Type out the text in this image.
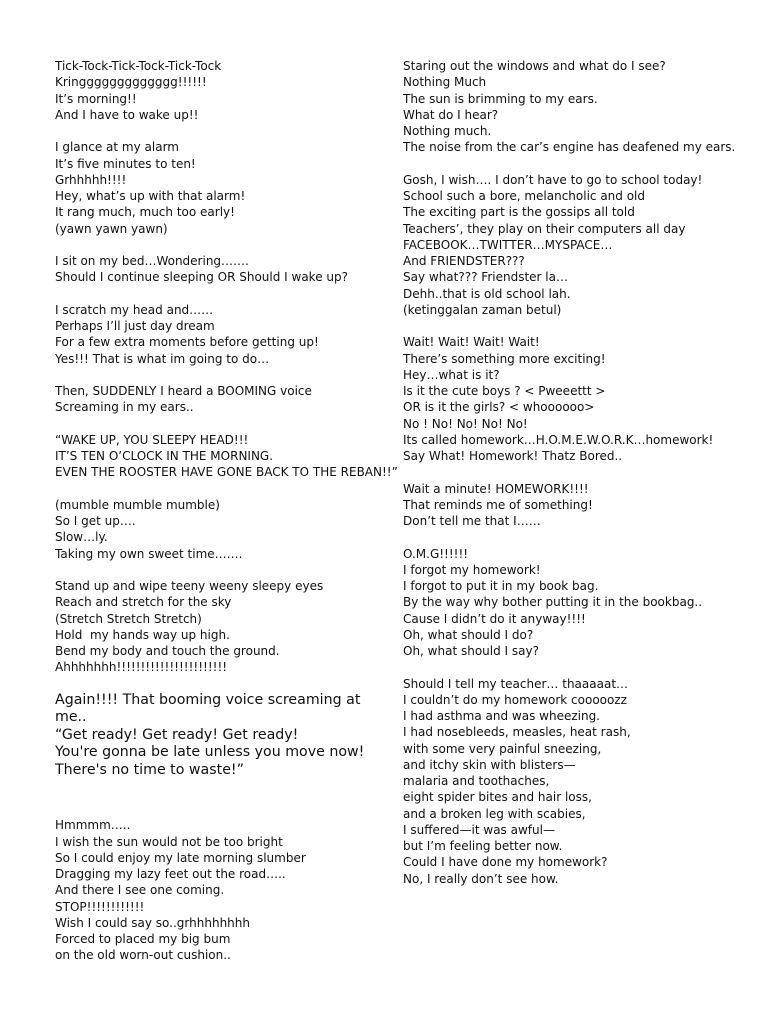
Tick-Tock-Tick-Tock-Tick-Tock
Kringgggggggggggg!!!!!!
It’s morning!!
And I have to wake up!!
I glance at my alarm
It’s five minutes to ten!
Grhhhhh!!!!
Hey, what’s up with that alarm!
It rang much, much too early!
(yawn yawn yawn)
I sit on my bed…Wondering…….
Should I continue sleeping OR Should I wake up?
I scratch my head and……
Perhaps I’ll just day dream
For a few extra moments before getting up!
Yes!!! That is what im going to do…
Then, SUDDENLY I heard a BOOMING voice
Screaming in my ears..
“WAKE UP, YOU SLEEPY HEAD!!!
IT’S TEN O’CLOCK IN THE MORNING.
EVEN THE ROOSTER HAVE GONE BACK TO THE REBAN!!”
(mumble mumble mumble)
So I get up….
Slow…ly.
Taking my own sweet time…….
Stand up and wipe teeny weeny sleepy eyes
Reach and stretch for the sky
(Stretch Stretch Stretch)
Hold  my hands way up high.
Bend my body and touch the ground.
Ahhhhhhh!!!!!!!!!!!!!!!!!!!!!!!
Again!!!! That booming voice screaming at me..
“Get ready! Get ready! Get ready!
You're gonna be late unless you move now!
There's no time to waste!”
Hmmmm…..
I wish the sun would not be too bright
So I could enjoy my late morning slumber
Dragging my lazy feet out the road…..
And there I see one coming.
STOP!!!!!!!!!!!!
Wish I could say so..grhhhhhhhh
Forced to placed my big bum
on the old worn-out cushion..
Staring out the windows and what do I see?
Nothing Much
The sun is brimming to my ears.
What do I hear?
Nothing much.
The noise from the car’s engine has deafened my ears.
Gosh, I wish…. I don’t have to go to school today!
School such a bore, melancholic and old
The exciting part is the gossips all told
Teachers’, they play on their computers all day
FACEBOOK…TWITTER…MYSPACE…
And FRIENDSTER???
Say what??? Friendster la…
Dehh..that is old school lah.
(ketinggalan zaman betul)
Wait! Wait! Wait! Wait!
There’s something more exciting!
Hey…what is it?
Is it the cute boys ? < Pweeettt >
OR is it the girls? < whoooooo>
No ! No! No! No! No!
Its called homework…H.O.M.E.W.O.R.K…homework!
Say What! Homework! Thatz Bored..
Wait a minute! HOMEWORK!!!!
That reminds me of something!
Don’t tell me that I……
O.M.G!!!!!!
I forgot my homework!
I forgot to put it in my book bag.
By the way why bother putting it in the bookbag..
Cause I didn’t do it anyway!!!!
Oh, what should I do?
Oh, what should I say?
Should I tell my teacher… thaaaaat…
I couldn’t do my homework cooooozz
I had asthma and was wheezing.
I had nosebleeds, measles, heat rash,
with some very painful sneezing,
and itchy skin with blisters—
malaria and toothaches,
eight spider bites and hair loss,
and a broken leg with scabies,
I suffered—it was awful—
but I’m feeling better now.
Could I have done my homework?
No, I really don’t see how.
